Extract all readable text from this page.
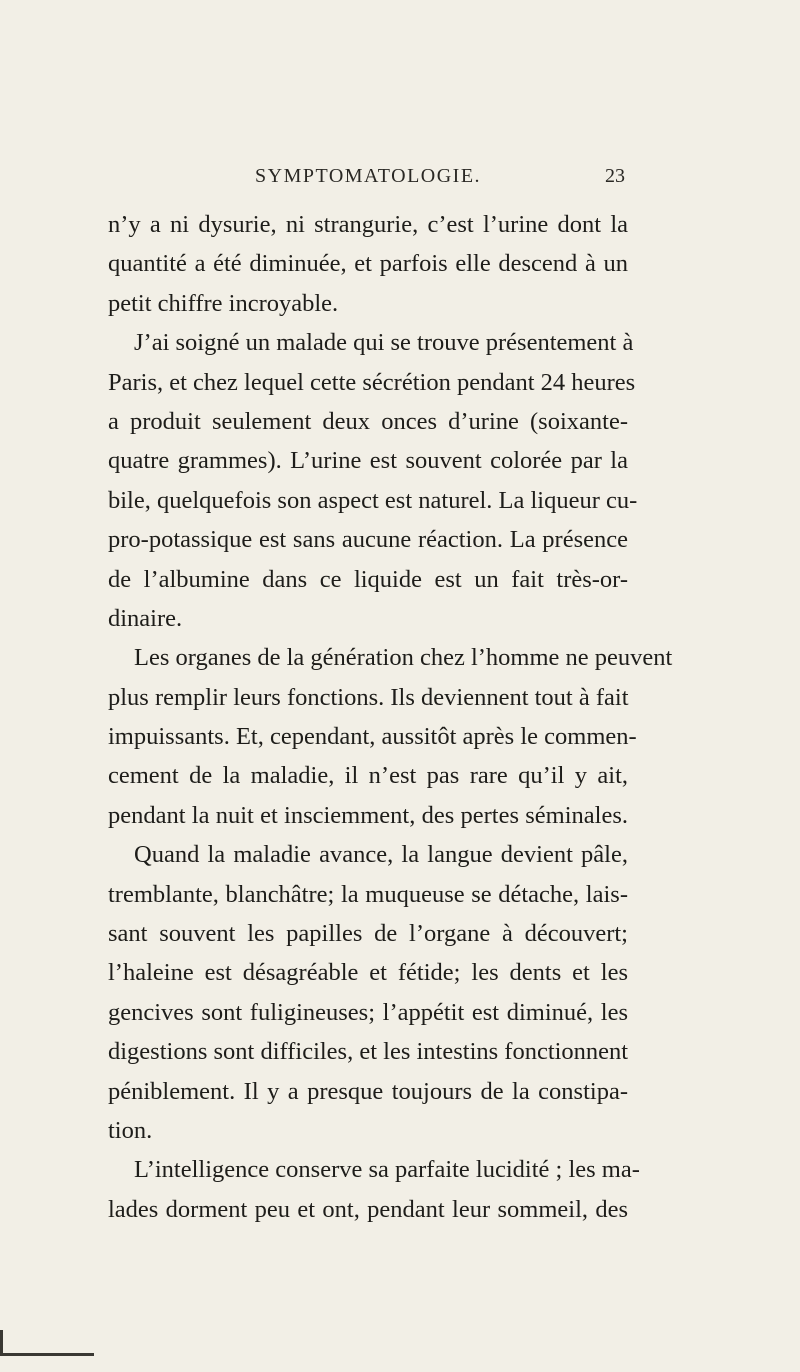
SYMPTOMATOLOGIE.	23
n’y a ni dysurie, ni strangurie, c’est l’urine dont la
quantité a été diminuée, et parfois elle descend à un
petit chiffre incroyable.
J’ai soigné un malade qui se trouve présentement à
Paris, et chez lequel cette sécrétion pendant 24 heures
a produit seulement deux onces d’urine (soixante-
quatre grammes). L’urine est souvent colorée par la
bile, quelquefois son aspect est naturel. La liqueur cu-
pro-potassique est sans aucune réaction. La présence
de l’albumine dans ce liquide est un fait très-or-
dinaire.
Les organes de la génération chez l’homme ne peuvent
plus remplir leurs fonctions. Ils deviennent tout à fait
impuissants. Et, cependant, aussitôt après le commen-
cement de la maladie, il n’est pas rare qu’il y ait,
pendant la nuit et insciemment, des pertes séminales.
Quand la maladie avance, la langue devient pâle,
tremblante, blanchâtre; la muqueuse se détache, lais-
sant souvent les papilles de l’organe à découvert;
l’haleine est désagréable et fétide; les dents et les
gencives sont fuligineuses; l’appétit est diminué, les
digestions sont difficiles, et les intestins fonctionnent
péniblement. Il y a presque toujours de la constipa-
tion.
L’intelligence conserve sa parfaite lucidité ; les ma-
lades dorment peu et ont, pendant leur sommeil, des
